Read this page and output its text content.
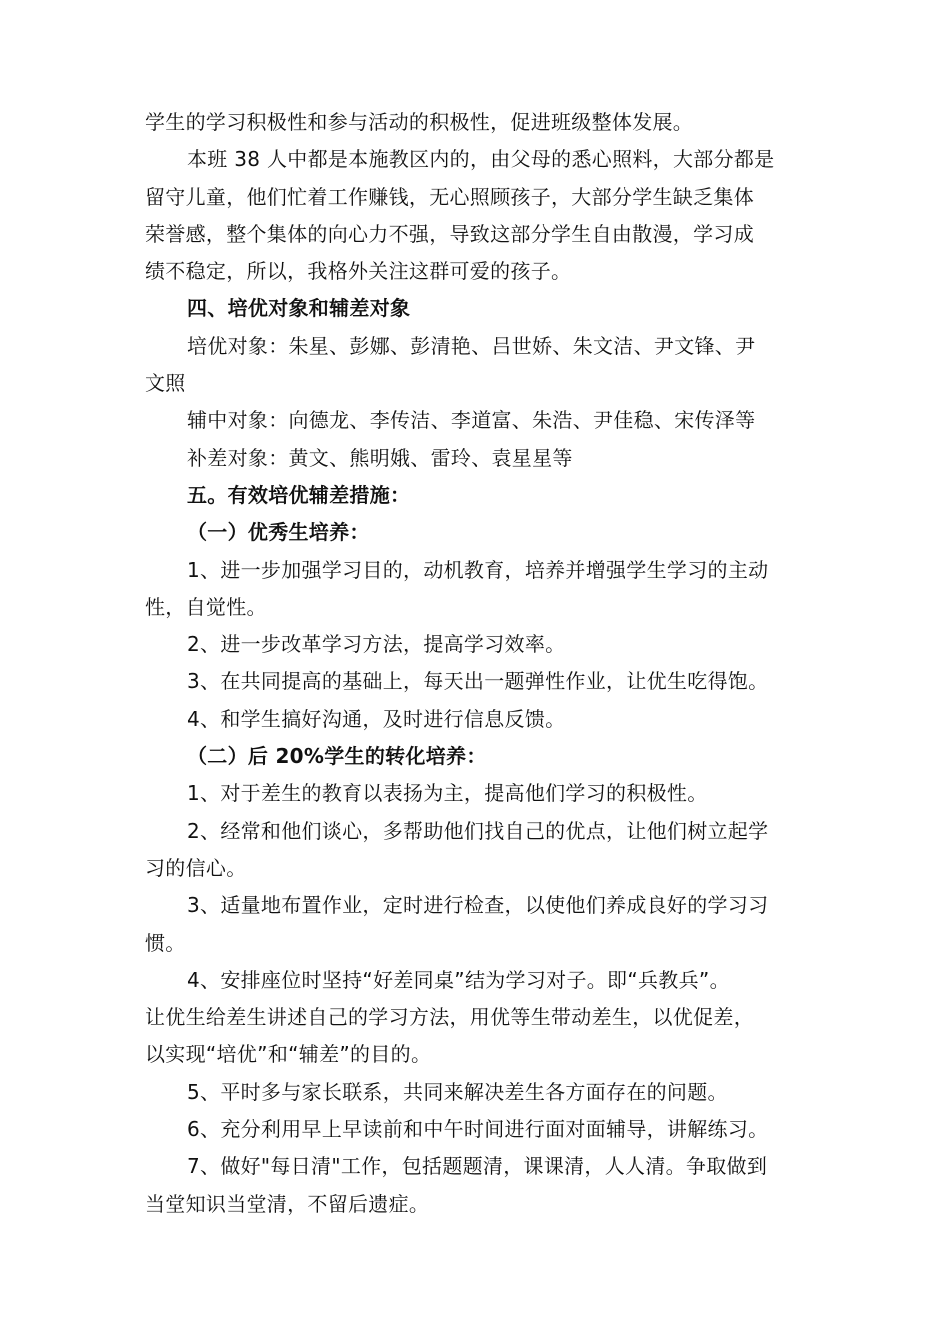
学生的学习积极性和参与活动的积极性，促进班级整体发展。
本班 38 人中都是本施教区内的，由父母的悉心照料，大部分都是
留守儿童，他们忙着工作赚钱，无心照顾孩子，大部分学生缺乏集体
荣誉感，整个集体的向心力不强，导致这部分学生自由散漫，学习成
绩不稳定，所以，我格外关注这群可爱的孩子。
四、培优对象和辅差对象
培优对象：朱星、彭娜、彭清艳、吕世娇、朱文洁、尹文锋、尹
文照
辅中对象：向德龙、李传洁、李道富、朱浩、尹佳稳、宋传泽等
补差对象：黄文、熊明娥、雷玲、袁星星等
五。有效培优辅差措施：
（一）优秀生培养：
1、进一步加强学习目的，动机教育，培养并增强学生学习的主动
性，自觉性。
2、进一步改革学习方法，提高学习效率。
3、在共同提高的基础上，每天出一题弹性作业，让优生吃得饱。
4、和学生搞好沟通，及时进行信息反馈。
（二）后 20%学生的转化培养：
1、对于差生的教育以表扬为主，提高他们学习的积极性。
2、经常和他们谈心，多帮助他们找自己的优点，让他们树立起学
习的信心。
3、适量地布置作业，定时进行检查，以使他们养成良好的学习习
惯。
4、安排座位时坚持“好差同桌”结为学习对子。即“兵教兵”。
让优生给差生讲述自己的学习方法，用优等生带动差生，以优促差，
以实现“培优”和“辅差”的目的。
5、平时多与家长联系，共同来解决差生各方面存在的问题。
6、充分利用早上早读前和中午时间进行面对面辅导，讲解练习。
7、做好"每日清"工作，包括题题清，课课清，人人清。争取做到
当堂知识当堂清，不留后遗症。
